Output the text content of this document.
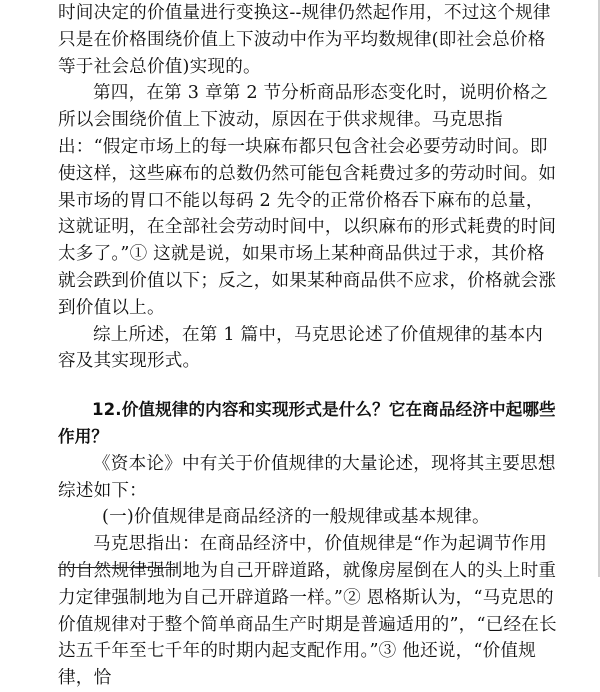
时间决定的价值量进行变换这--规律仍然起作用，不过这个规律只是在价格围绕价值上下波动中作为平均数规律(即社会总价格等于社会总价值)实现的。

第四，在第 3 章第 2 节分析商品形态变化时，说明价格之所以会围绕价值上下波动，原因在于供求规律。马克思指出：“假定市场上的每一块麻布都只包含社会必要劳动时间。即使这样，这些麻布的总数仍然可能包含耗费过多的劳动时间。如果市场的胃口不能以每码 2 先令的正常价格吞下麻布的总量，这就证明，在全部社会劳动时间中，以织麻布的形式耗费的时间太多了。”① 这就是说，如果市场上某种商品供过于求，其价格就会跌到价值以下；反之，如果某种商品供不应求，价格就会涨到价值以上。

综上所述，在第 1 篇中，马克思论述了价值规律的基本内容及其实现形式。

12.价值规律的内容和实现形式是什么？它在商品经济中起哪些作用？

《资本论》中有关于价值规律的大量论述，现将其主要思想综述如下：

(一)价值规律是商品经济的一般规律或基本规律。

马克思指出：在商品经济中，价值规律是“作为起调节作用的自然规律强制地为自己开辟道路，就像房屋倒在人的头上时重力定律强制地为自己开辟道路一样。”② 恩格斯认为，“马克思的价值规律对于整个简单商品生产时期是普遍适用的”，“已经在长达五千年至七千年的时期内起支配作用。”③ 他还说，“价值规律，恰
